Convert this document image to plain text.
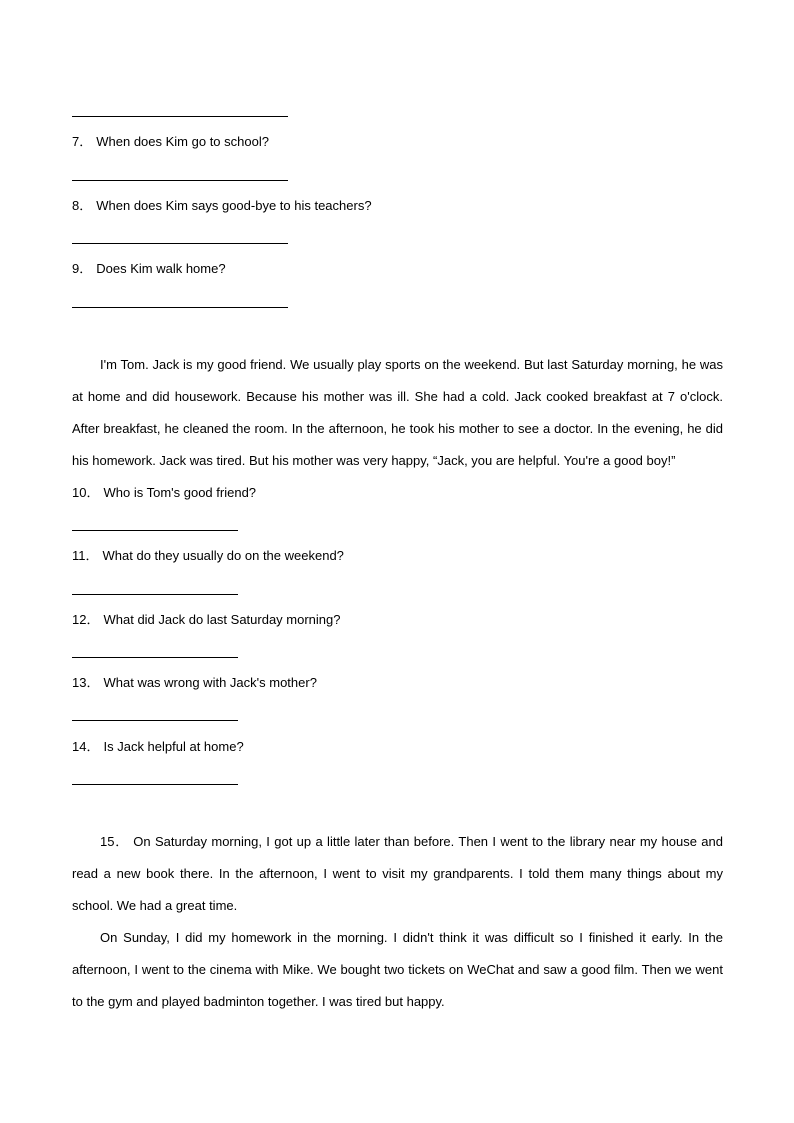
7． When does Kim go to school?
8． When does Kim says good-bye to his teachers?
9． Does Kim walk home?
I'm Tom. Jack is my good friend. We usually play sports on the weekend. But last Saturday morning, he was at home and did housework. Because his mother was ill. She had a cold. Jack cooked breakfast at 7 o'clock. After breakfast, he cleaned the room. In the afternoon, he took his mother to see a doctor. In the evening, he did his homework. Jack was tired. But his mother was very happy, “Jack, you are helpful. You're a good boy!”
10． Who is Tom's good friend?
11． What do they usually do on the weekend?
12． What did Jack do last Saturday morning?
13． What was wrong with Jack's mother?
14． Is Jack helpful at home?
15． On Saturday morning, I got up a little later than before. Then I went to the library near my house and read a new book there. In the afternoon, I went to visit my grandparents. I told them many things about my school. We had a great time.
On Sunday, I did my homework in the morning. I didn't think it was difficult so I finished it early. In the afternoon, I went to the cinema with Mike. We bought two tickets on WeChat and saw a good film. Then we went to the gym and played badminton together. I was tired but happy.
